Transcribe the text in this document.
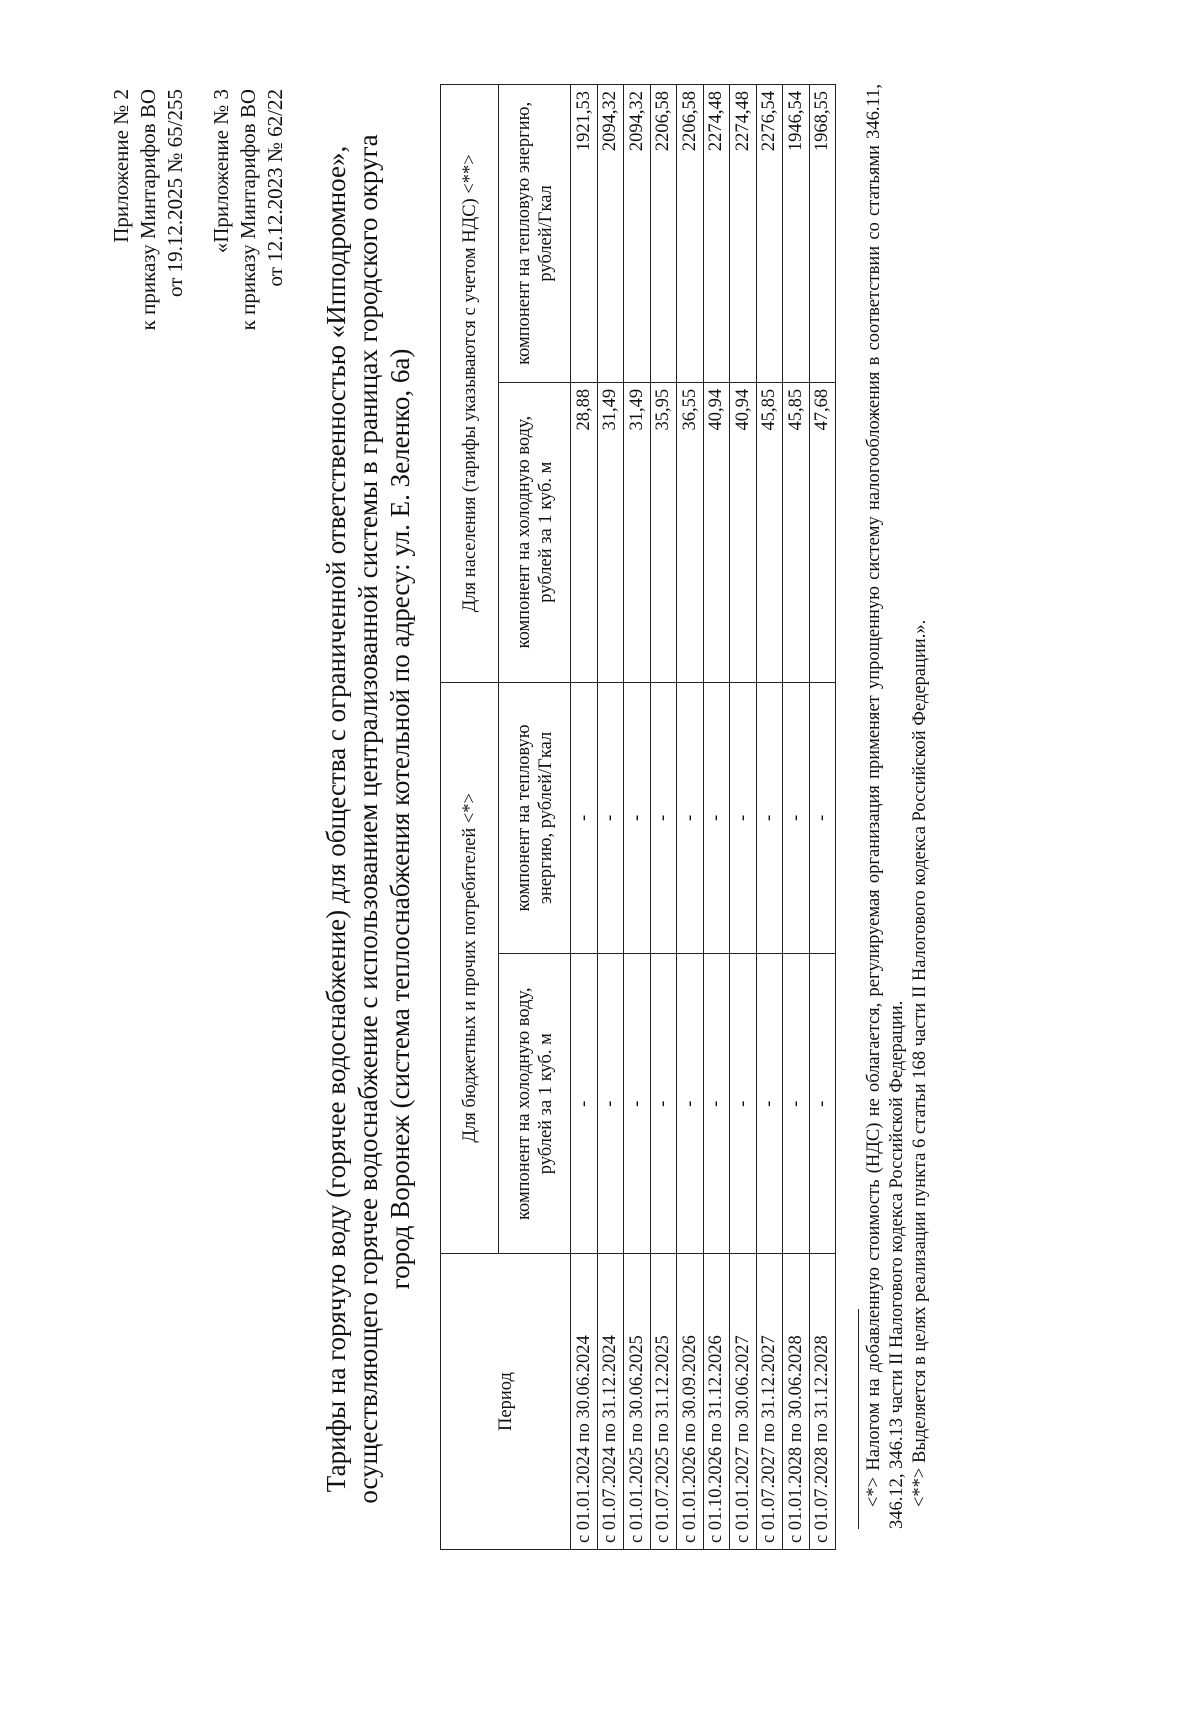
Приложение № 2 к приказу Минтарифов ВО от 19.12.2025 № 65/255 «Приложение № 3 к приказу Минтарифов ВО от 12.12.2023 № 62/22 Тарифы на горячую воду (горячее водоснабжение) для общества с ограниченной ответственностью «Ипподромное», осуществляющего горячее водоснабжение с использованием централизованной системы в границах городского округа город Воронеж (система теплоснабжения котельной по адресу: ул. Е. Зеленко, 6а)
Период	Для бюджетных и прочих потребителей <*>		Для населения (тарифы указываются с учетом НДС) <**>	
	компонент на холодную воду, рублей за 1 куб. м	компонент на тепловую энергию, рублей/Гкал	компонент на холодную воду, рублей за 1 куб. м	компонент на тепловую энергию, рублей/Гкал
с 01.01.2024 по 30.06.2024	-	-	28,88	1921,53
с 01.07.2024 по 31.12.2024	-	-	31,49	2094,32
с 01.01.2025 по 30.06.2025	-	-	31,49	2094,32
с 01.07.2025 по 31.12.2025	-	-	35,95	2206,58
с 01.01.2026 по 30.09.2026	-	-	36,55	2206,58
с 01.10.2026 по 31.12.2026	-	-	40,94	2274,48
с 01.01.2027 по 30.06.2027	-	-	40,94	2274,48
с 01.07.2027 по 31.12.2027	-	-	45,85	2276,54
с 01.01.2028 по 30.06.2028	-	-	45,85	1946,54
с 01.07.2028 по 31.12.2028	-	-	47,68	1968,55 <*> Налогом на добавленную стоимость (НДС) не облагается, регулируемая организация применяет упрощенную систему налогообложения в соответствии со статьями 346.11, 346.12, 346.13 части II Налогового кодекса Российской Федерации. <**> Выделяется в целях реализации пункта 6 статьи 168 части II Налогового кодекса Российской Федерации.».
